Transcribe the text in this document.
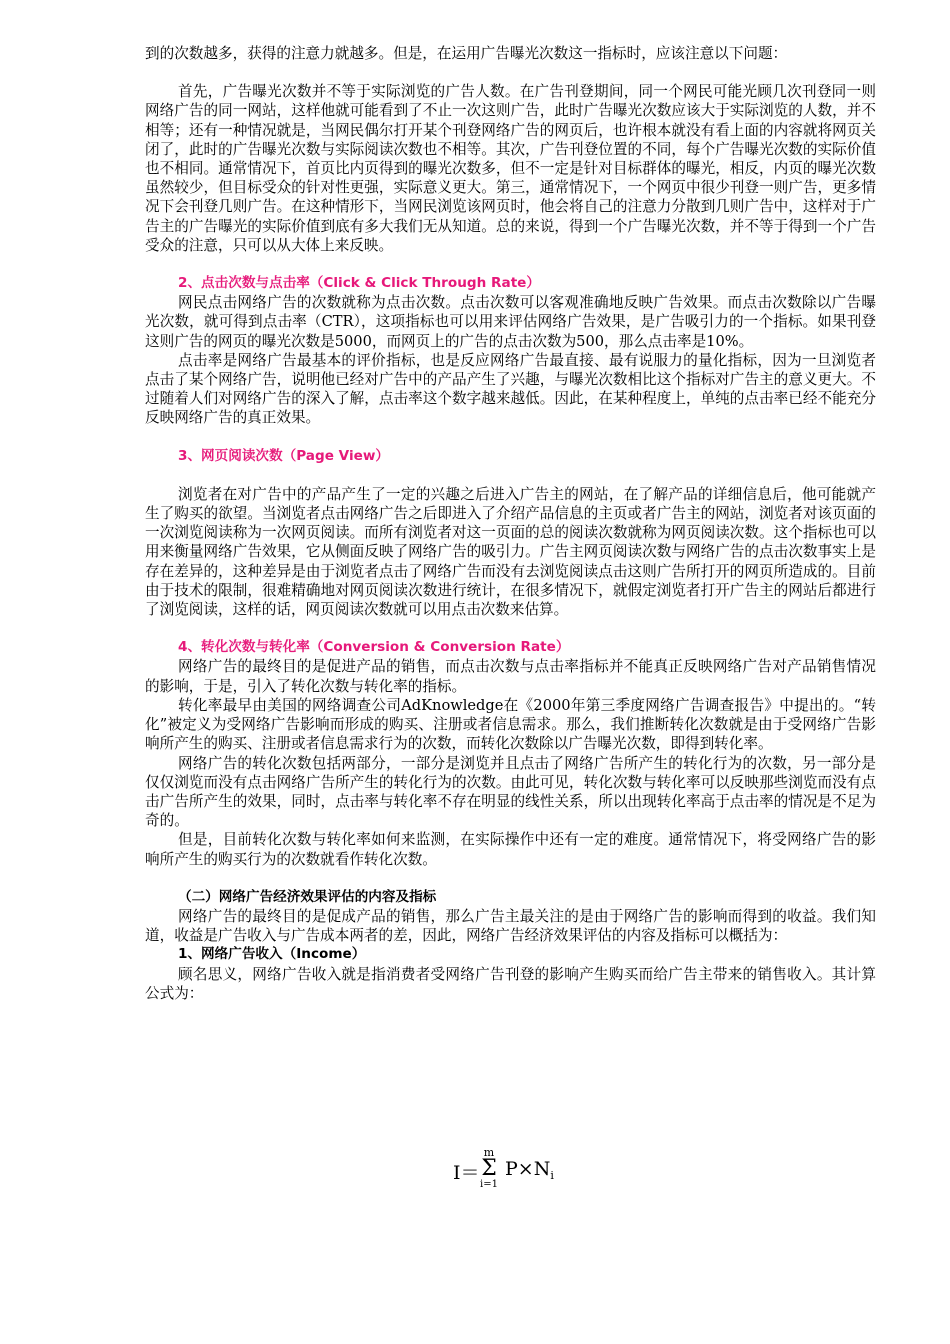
到的次数越多，获得的注意力就越多。但是，在运用广告曝光次数这一指标时，应该注意以下问题：

首先，广告曝光次数并不等于实际浏览的广告人数。在广告刊登期间，同一个网民可能光顾几次刊登同一则网络广告的同一网站，这样他就可能看到了不止一次这则广告，此时广告曝光次数应该大于实际浏览的人数，并不相等；还有一种情况就是，当网民偶尔打开某个刊登网络广告的网页后，也许根本就没有看上面的内容就将网页关闭了，此时的广告曝光次数与实际阅读次数也不相等。其次，广告刊登位置的不同，每个广告曝光次数的实际价值也不相同。通常情况下，首页比内页得到的曝光次数多，但不一定是针对目标群体的曝光，相反，内页的曝光次数虽然较少，但目标受众的针对性更强，实际意义更大。第三，通常情况下，一个网页中很少刊登一则广告，更多情况下会刊登几则广告。在这种情形下，当网民浏览该网页时，他会将自己的注意力分散到几则广告中，这样对于广告主的广告曝光的实际价值到底有多大我们无从知道。总的来说，得到一个广告曝光次数，并不等于得到一个广告受众的注意，只可以从大体上来反映。

2、点击次数与点击率（Click & Click Through Rate）

网民点击网络广告的次数就称为点击次数。点击次数可以客观准确地反映广告效果。而点击次数除以广告曝光次数，就可得到点击率（CTR），这项指标也可以用来评估网络广告效果，是广告吸引力的一个指标。如果刊登这则广告的网页的曝光次数是5000，而网页上的广告的点击次数为500，那么点击率是10%。

点击率是网络广告最基本的评价指标，也是反应网络广告最直接、最有说服力的量化指标，因为一旦浏览者点击了某个网络广告，说明他已经对广告中的产品产生了兴趣，与曝光次数相比这个指标对广告主的意义更大。不过随着人们对网络广告的深入了解，点击率这个数字越来越低。因此，在某种程度上，单纯的点击率已经不能充分反映网络广告的真正效果。

3、网页阅读次数（Page View）

浏览者在对广告中的产品产生了一定的兴趣之后进入广告主的网站，在了解产品的详细信息后，他可能就产生了购买的欲望。当浏览者点击网络广告之后即进入了介绍产品信息的主页或者广告主的网站，浏览者对该页面的一次浏览阅读称为一次网页阅读。而所有浏览者对这一页面的总的阅读次数就称为网页阅读次数。这个指标也可以用来衡量网络广告效果，它从侧面反映了网络广告的吸引力。广告主网页阅读次数与网络广告的点击次数事实上是存在差异的，这种差异是由于浏览者点击了网络广告而没有去浏览阅读点击这则广告所打开的网页所造成的。目前由于技术的限制，很难精确地对网页阅读次数进行统计，在很多情况下，就假定浏览者打开广告主的网站后都进行了浏览阅读，这样的话，网页阅读次数就可以用点击次数来估算。

4、转化次数与转化率（Conversion & Conversion Rate）

网络广告的最终目的是促进产品的销售，而点击次数与点击率指标并不能真正反映网络广告对产品销售情况的影响，于是，引入了转化次数与转化率的指标。

转化率最早由美国的网络调查公司AdKnowledge在《2000年第三季度网络广告调查报告》中提出的。“转化”被定义为受网络广告影响而形成的购买、注册或者信息需求。那么，我们推断转化次数就是由于受网络广告影响所产生的购买、注册或者信息需求行为的次数，而转化次数除以广告曝光次数，即得到转化率。

网络广告的转化次数包括两部分，一部分是浏览并且点击了网络广告所产生的转化行为的次数，另一部分是仅仅浏览而没有点击网络广告所产生的转化行为的次数。由此可见，转化次数与转化率可以反映那些浏览而没有点击广告所产生的效果，同时，点击率与转化率不存在明显的线性关系，所以出现转化率高于点击率的情况是不足为奇的。

但是，目前转化次数与转化率如何来监测，在实际操作中还有一定的难度。通常情况下，将受网络广告的影响所产生的购买行为的次数就看作转化次数。

（二）网络广告经济效果评估的内容及指标

网络广告的最终目的是促成产品的销售，那么广告主最关注的是由于网络广告的影响而得到的收益。我们知道，收益是广告收入与广告成本两者的差，因此，网络广告经济效果评估的内容及指标可以概括为：

1、网络广告收入（Income）

顾名思义，网络广告收入就是指消费者受网络广告刊登的影响产生购买而给广告主带来的销售收入。其计算公式为：

I＝
m
Σ
i=1
$P\times N_i$
